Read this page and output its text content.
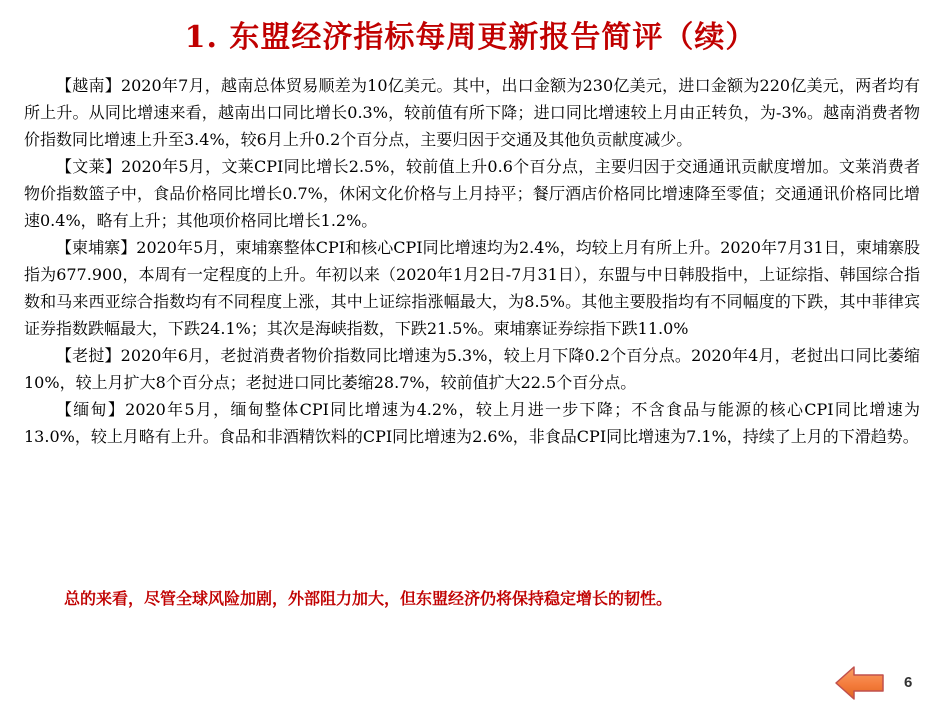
1. 东盟经济指标每周更新报告简评（续）

【越南】2020年7月，越南总体贸易顺差为10亿美元。其中，出口金额为230亿美元，进口金额为220亿美元，两者均有所上升。从同比增速来看，越南出口同比增长0.3%，较前值有所下降；进口同比增速较上月由正转负，为-3%。越南消费者物价指数同比增速上升至3.4%，较6月上升0.2个百分点，主要归因于交通及其他负贡献度减少。

【文莱】2020年5月，文莱CPI同比增长2.5%，较前值上升0.6个百分点，主要归因于交通通讯贡献度增加。文莱消费者物价指数篮子中，食品价格同比增长0.7%，休闲文化价格与上月持平；餐厅酒店价格同比增速降至零值；交通通讯价格同比增速0.4%，略有上升；其他项价格同比增长1.2%。

【柬埔寨】2020年5月，柬埔寨整体CPI和核心CPI同比增速均为2.4%，均较上月有所上升。2020年7月31日，柬埔寨股指为677.900，本周有一定程度的上升。年初以来（2020年1月2日-7月31日），东盟与中日韩股指中，上证综指、韩国综合指数和马来西亚综合指数均有不同程度上涨，其中上证综指涨幅最大，为8.5%。其他主要股指均有不同幅度的下跌，其中菲律宾证券指数跌幅最大，下跌24.1%；其次是海峡指数，下跌21.5%。柬埔寨证券综指下跌11.0%

【老挝】2020年6月，老挝消费者物价指数同比增速为5.3%，较上月下降0.2个百分点。2020年4月，老挝出口同比萎缩10%，较上月扩大8个百分点；老挝进口同比萎缩28.7%，较前值扩大22.5个百分点。

【缅甸】2020年5月，缅甸整体CPI同比增速为4.2%，较上月进一步下降；不含食品与能源的核心CPI同比增速为13.0%，较上月略有上升。食品和非酒精饮料的CPI同比增速为2.6%，非食品CPI同比增速为7.1%，持续了上月的下滑趋势。

总的来看，尽管全球风险加剧，外部阻力加大，但东盟经济仍将保持稳定增长的韧性。

6
